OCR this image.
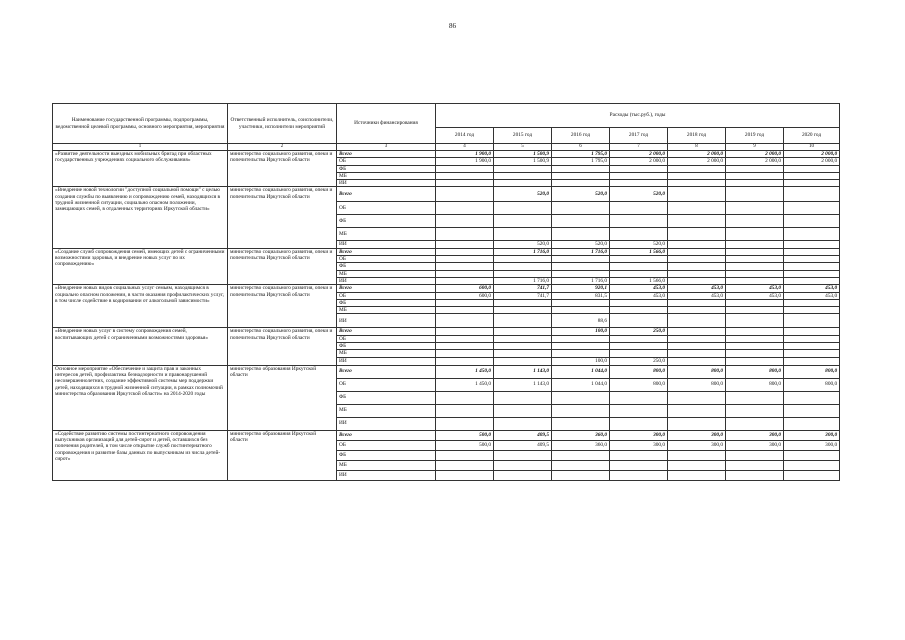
86
Наименование государственной программы, подпрограммы, ведомственной целевой программы, основного мероприятия, мероприятия	Ответственный исполнитель, соисполнители, участники, исполнители мероприятий	Источники финансирования	Расходы (тыс.руб.), годы						
			2014 год	2015 год	2016 год	2017 год	2018 год	2019 год	2020 год
1	2	3	4	5	6	7	8	9	10
«Развитие деятельности выездных мобильных бригад при областных государственных учреждениях социального обслуживания»	министерство социального развития, опеки и попечительства Иркутской области	Всего	1 900,0	1 500,9	1 795,0	2 000,0	2 000,0	2 000,0	2 000,0
		ОБ	1 900,0	1 500,9	1 795,0	2 000,0	2 000,0	2 000,0	2 000,0
		ФБ							
		МБ							
		ИИ							
«Внедрение новой технологии "доступной социальной помощи" с целью создания службы по выявлению и сопровождению семей, находящихся в трудной жизненной ситуации, социально опасном положении, замещающих семей, в отдаленных территориях Иркутской области»	министерство социального развития, опеки и попечительства Иркутской области	Всего		520,0	520,0	520,0			
		ОБ							
		ФБ							
		МБ							
		ИИ		520,0	520,0	520,0			
«Создание служб сопровождения семей, имеющих детей с ограниченными возможностями здоровья, и внедрение новых услуг по их сопровождению»	министерство социального развития, опеки и попечительства Иркутской области	Всего		1 716,0	1 716,0	1 566,0			
		ОБ							
		ФБ							
		МБ							
		ИИ		1 716,0	1 716,0	1 566,0			
«Внедрение новых видов социальных услуг семьям, находящимся в социально опасном положении, в части оказания профилактических услуг, в том числе содействие в кодировании от алкогольной зависимости»	министерство социального развития, опеки и попечительства Иркутской области	Всего	600,0	741,7	920,1	453,0	453,0	453,0	453,0
		ОБ	600,0	741,7	831,5	453,0	453,0	453,0	453,0
		ФБ							
		МБ							
		ИИ			88,6				
«Внедрение новых услуг в систему сопровождения семей, воспитывающих детей с ограниченными возможностями здоровья»	министерство социального развития, опеки и попечительства Иркутской области	Всего			100,0	250,0			
		ОБ							
		ФБ							
		МБ							
		ИИ			100,0	250,0			
Основное мероприятие «Обеспечение и защита прав и законных интересов детей, профилактика безнадзорности и правонарушений несовершеннолетних, создание эффективной системы мер поддержки детей, находящихся в трудной жизненной ситуации, в рамках полномочий министерства образования Иркутской области» на 2014-2020 годы	министерство образования Иркутской области	Всего	1 450,0	1 143,0	1 044,0	800,0	800,0	800,0	800,0
		ОБ	1 450,0	1 143,0	1 044,0	800,0	800,0	800,0	800,0
		ФБ							
		МБ							
		ИИ							
«Содействие развитию системы постинтернатного сопровождения выпускников организаций для детей-сирот и детей, оставшихся без попечения родителей, в том числе открытие служб постинтернатного сопровождения и развитие базы данных по выпускникам из числа детей-сирот»	министерство образования Иркутской области	Всего	500,0	409,5	360,0	300,0	300,0	300,0	300,0
		ОБ	500,0	409,5	360,0	300,0	300,0	300,0	300,0
		ФБ							
		МБ							
		ИИ							
